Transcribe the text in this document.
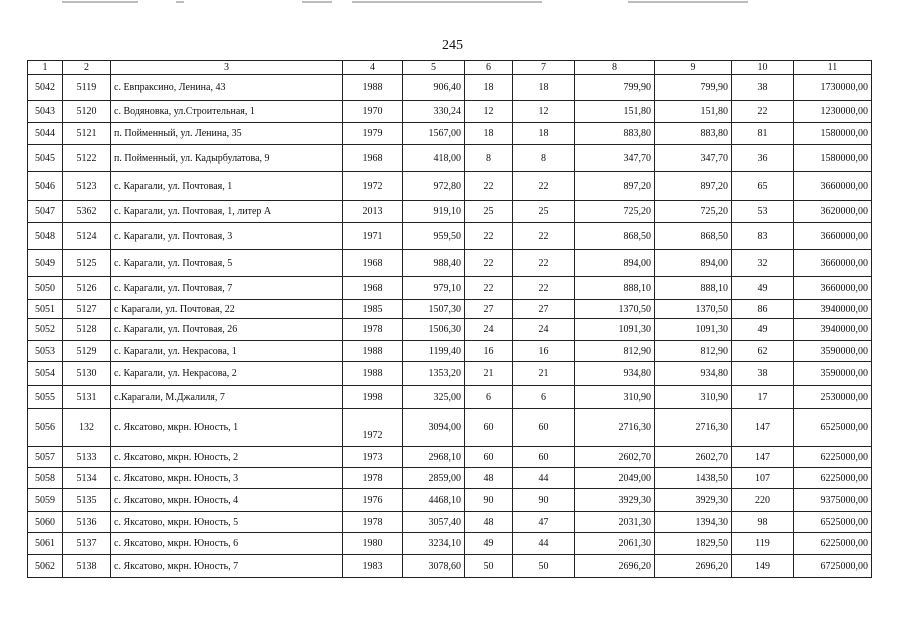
245
1	2	3	4	5	6	7	8	9	10	11
5042	5119	с. Евпраксино, Ленина, 43	1988	906,40	18	18	799,90	799,90	38	1730000,00
5043	5120	с. Водяновка, ул.Строительная, 1	1970	330,24	12	12	151,80	151,80	22	1230000,00
5044	5121	п. Пойменный, ул. Ленина, 35	1979	1567,00	18	18	883,80	883,80	81	1580000,00
5045	5122	п. Пойменный, ул. Кадырбулатова, 9	1968	418,00	8	8	347,70	347,70	36	1580000,00
5046	5123	с. Карагали, ул. Почтовая, 1	1972	972,80	22	22	897,20	897,20	65	3660000,00
5047	5362	с. Карагали, ул. Почтовая, 1, литер А	2013	919,10	25	25	725,20	725,20	53	3620000,00
5048	5124	с. Карагали, ул. Почтовая, 3	1971	959,50	22	22	868,50	868,50	83	3660000,00
5049	5125	с. Карагали, ул. Почтовая, 5	1968	988,40	22	22	894,00	894,00	32	3660000,00
5050	5126	с. Карагали, ул. Почтовая, 7	1968	979,10	22	22	888,10	888,10	49	3660000,00
5051	5127	с Карагали, ул. Почтовая, 22	1985	1507,30	27	27	1370,50	1370,50	86	3940000,00
5052	5128	с. Карагали, ул. Почтовая, 26	1978	1506,30	24	24	1091,30	1091,30	49	3940000,00
5053	5129	с. Карагали, ул. Некрасова, 1	1988	1199,40	16	16	812,90	812,90	62	3590000,00
5054	5130	с. Карагали, ул. Некрасова, 2	1988	1353,20	21	21	934,80	934,80	38	3590000,00
5055	5131	с.Карагали, М.Джалиля, 7	1998	325,00	6	6	310,90	310,90	17	2530000,00
5056	132	с. Яксатово, мкрн. Юность, 1	1972	3094,00	60	60	2716,30	2716,30	147	6525000,00
5057	5133	с. Яксатово, мкрн. Юность, 2	1973	2968,10	60	60	2602,70	2602,70	147	6225000,00
5058	5134	с. Яксатово, мкрн. Юность, 3	1978	2859,00	48	44	2049,00	1438,50	107	6225000,00
5059	5135	с. Яксатово, мкрн. Юность, 4	1976	4468,10	90	90	3929,30	3929,30	220	9375000,00
5060	5136	с. Яксатово, мкрн. Юность, 5	1978	3057,40	48	47	2031,30	1394,30	98	6525000,00
5061	5137	с. Яксатово, мкрн. Юность, 6	1980	3234,10	49	44	2061,30	1829,50	119	6225000,00
5062	5138	с. Яксатово, мкрн. Юность, 7	1983	3078,60	50	50	2696,20	2696,20	149	6725000,00
